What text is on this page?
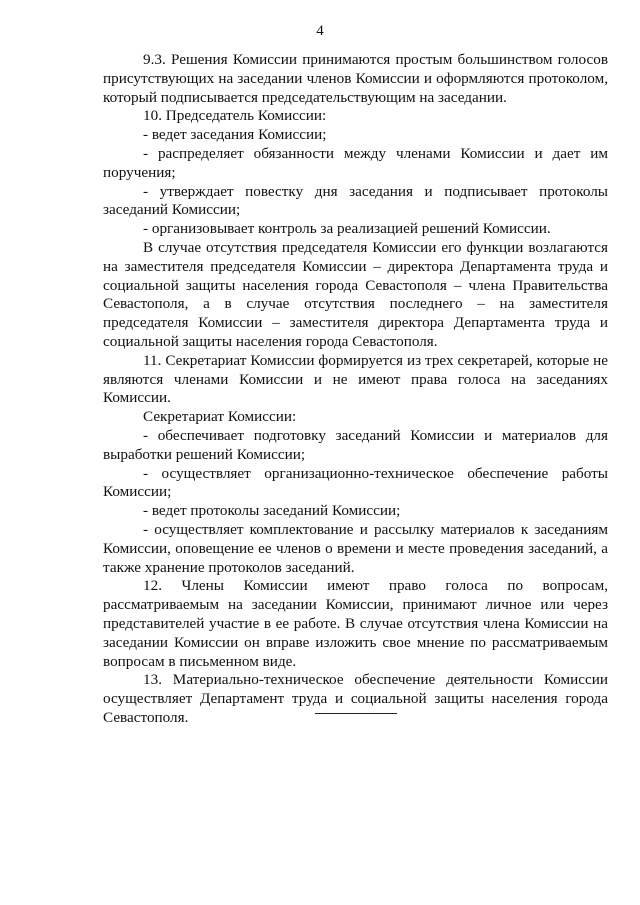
4

9.3. Решения Комиссии принимаются простым большинством голосов присутствующих на заседании членов Комиссии и оформляются протоколом, который подписывается председательствующим на заседании.

10. Председатель Комиссии:

- ведет заседания Комиссии;

- распределяет обязанности между членами Комиссии и дает им поручения;

- утверждает повестку дня заседания и подписывает протоколы заседаний Комиссии;

- организовывает контроль за реализацией решений Комиссии.

В случае отсутствия председателя Комиссии его функции возлагаются на заместителя председателя Комиссии – директора Департамента труда и социальной защиты населения города Севастополя – члена Правительства Севастополя, а в случае отсутствия последнего – на заместителя председателя Комиссии – заместителя директора Департамента труда и социальной защиты населения города Севастополя.

11. Секретариат Комиссии формируется из трех секретарей, которые не являются членами Комиссии и не имеют права голоса на заседаниях Комиссии.

Секретариат Комиссии:

- обеспечивает подготовку заседаний Комиссии и материалов для выработки решений Комиссии;

- осуществляет организационно-техническое обеспечение работы Комиссии;

- ведет протоколы заседаний Комиссии;

- осуществляет комплектование и рассылку материалов к заседаниям Комиссии, оповещение ее членов о времени и месте проведения заседаний, а также хранение протоколов заседаний.

12. Члены Комиссии имеют право голоса по вопросам, рассматриваемым на заседании Комиссии, принимают личное или через представителей участие в ее работе. В случае отсутствия члена Комиссии на заседании Комиссии он вправе изложить свое мнение по рассматриваемым вопросам в письменном виде.

13. Материально-техническое обеспечение деятельности Комиссии осуществляет Департамент труда и социальной защиты населения города Севастополя.
